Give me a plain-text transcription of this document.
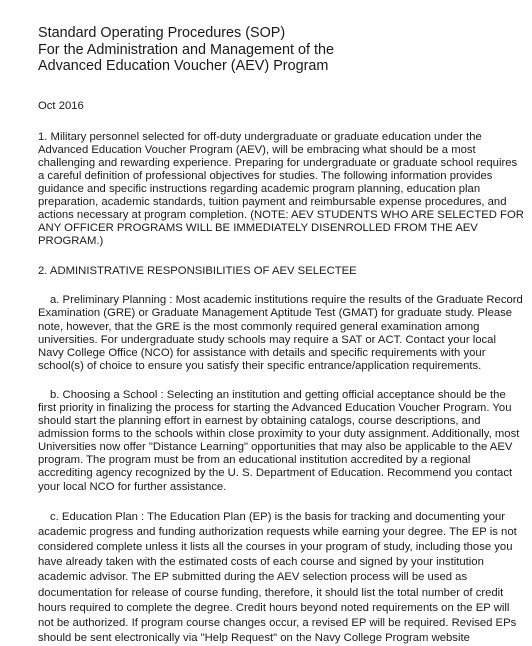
Standard Operating Procedures (SOP)
For the Administration and Management of the
Advanced Education Voucher (AEV) Program
Oct 2016

1. Military personnel selected for off-duty undergraduate or graduate education under the Advanced Education Voucher Program (AEV), will be embracing what should be a most challenging and rewarding experience. Preparing for undergraduate or graduate school requires a careful definition of professional objectives for studies. The following information provides guidance and specific instructions regarding academic program planning, education plan preparation, academic standards, tuition payment and reimbursable expense procedures, and actions necessary at program completion. (NOTE: AEV STUDENTS WHO ARE SELECTED FOR ANY OFFICER PROGRAMS WILL BE IMMEDIATELY DISENROLLED FROM THE AEV PROGRAM.)

2. ADMINISTRATIVE RESPONSIBILITIES OF AEV SELECTEE

a. Preliminary Planning : Most academic institutions require the results of the Graduate Record Examination (GRE) or Graduate Management Aptitude Test (GMAT) for graduate study. Please note, however, that the GRE is the most commonly required general examination among universities. For undergraduate study schools may require a SAT or ACT. Contact your local Navy College Office (NCO) for assistance with details and specific requirements with your school(s) of choice to ensure you satisfy their specific entrance/application requirements.

b. Choosing a School : Selecting an institution and getting official acceptance should be the first priority in finalizing the process for starting the Advanced Education Voucher Program. You should start the planning effort in earnest by obtaining catalogs, course descriptions, and admission forms to the schools within close proximity to your duty assignment. Additionally, most Universities now offer "Distance Learning" opportunities that may also be applicable to the AEV program. The program must be from an educational institution accredited by a regional accrediting agency recognized by the U. S. Department of Education. Recommend you contact your local NCO for further assistance.

c. Education Plan : The Education Plan (EP) is the basis for tracking and documenting your academic progress and funding authorization requests while earning your degree. The EP is not considered complete unless it lists all the courses in your program of study, including those you have already taken with the estimated costs of each course and signed by your institution academic advisor. The EP submitted during the AEV selection process will be used as documentation for release of course funding, therefore, it should list the total number of credit hours required to complete the degree. Credit hours beyond noted requirements on the EP will not be authorized. If program course changes occur, a revised EP will be required. Revised EPs should be sent electronically via "Help Request" on the Navy College Program website
